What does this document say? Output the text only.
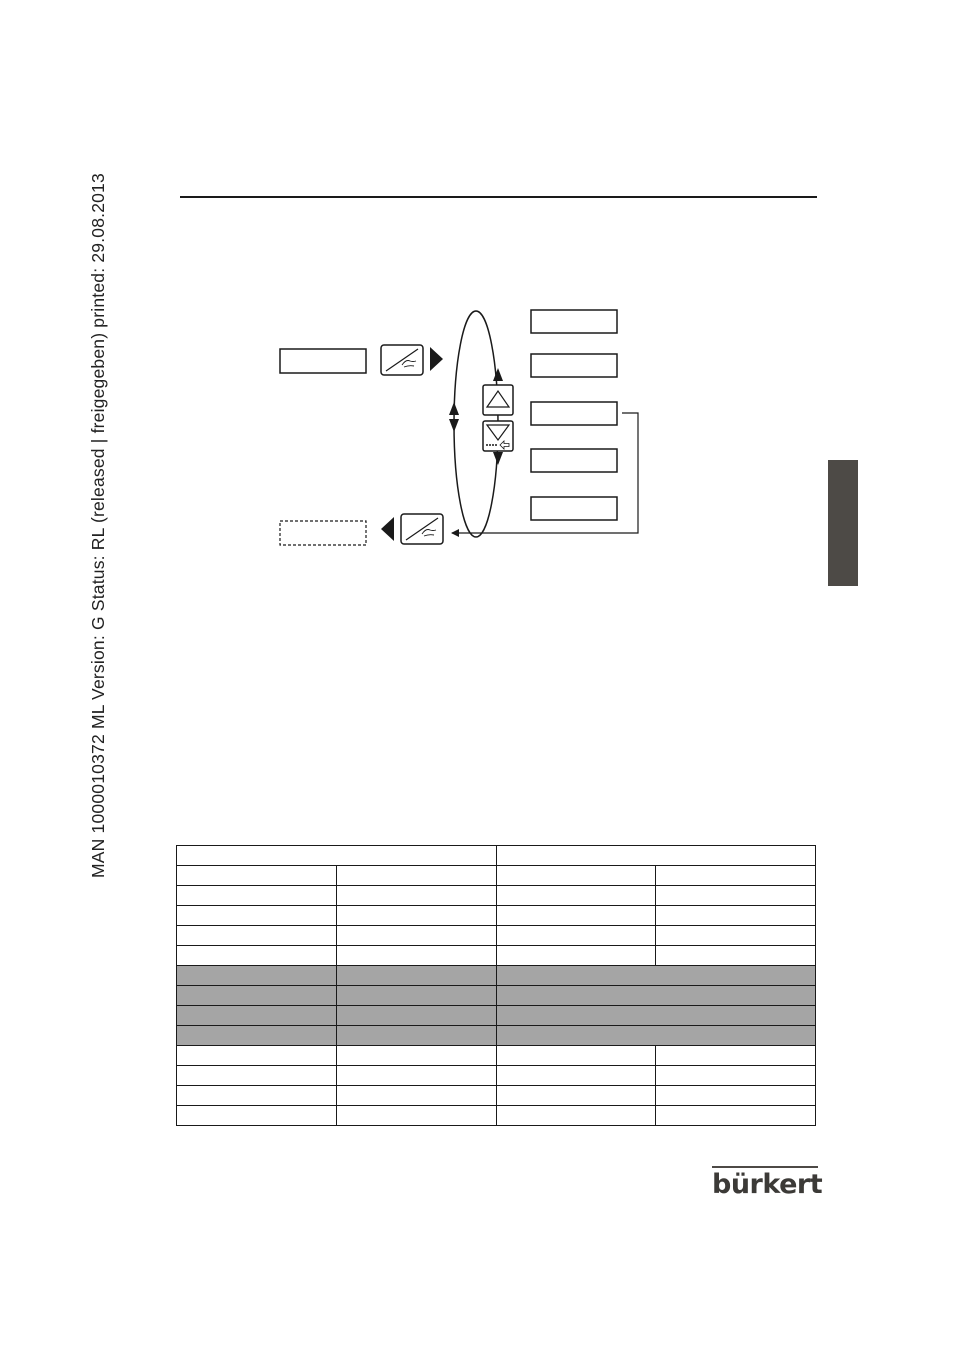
MAN 1000010372 ML Version: G Status: RL (released | freigegeben) printed: 29.08.2013

bürkert
